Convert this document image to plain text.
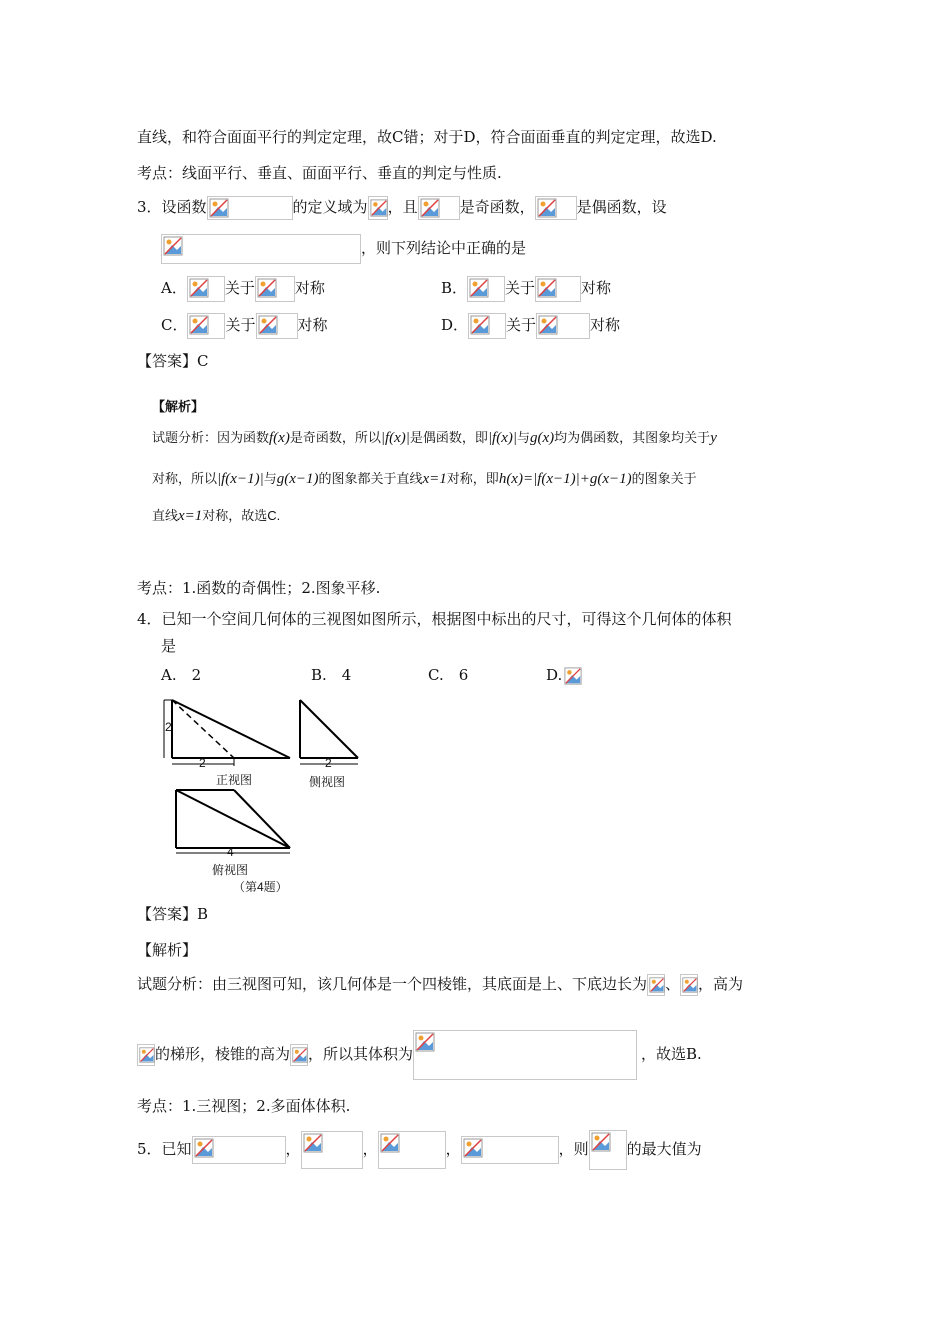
直线，和符合面面平行的判定定理，故C错；对于D，符合面面垂直的判定定理，故选D.
考点：线面平行、垂直、面面平行、垂直的判定与性质.
3．设函数	的定义域为 ，且	是奇函数，	是偶函数，设
，则下列结论中正确的是
A．	关于	对称	B．	关于	对称
C．	关于	对称	D．	关于	对称
【答案】C
【解析】
试题分析：因为函数f(x)是奇函数，所以|f(x)|是偶函数，即|f(x)|与g(x)均为偶函数，其图象均关于y
对称，所以|f(x−1)|与g(x−1)的图象都关于直线x=1对称，即h(x)=|f(x−1)|+g(x−1)的图象关于
直线x=1对称，故选C.
考点：1.函数的奇偶性；2.图象平移.
4．已知一个空间几何体的三视图如图所示，根据图中标出的尺寸，可得这个几何体的体积
是
A.　2	B.　4	C.　6	D.
2
2	2
4
正视图	侧视图
俯视图
（第4题）
【答案】B
【解析】
试题分析：由三视图可知，该几何体是一个四棱锥，其底面是上、下底边长为 、 ，高为
的梯形，棱锥的高为 ，所以其体积为	，故选B.
考点：1.三视图；2.多面体体积.
5．已知	，	，	，	，则	的最大值为
